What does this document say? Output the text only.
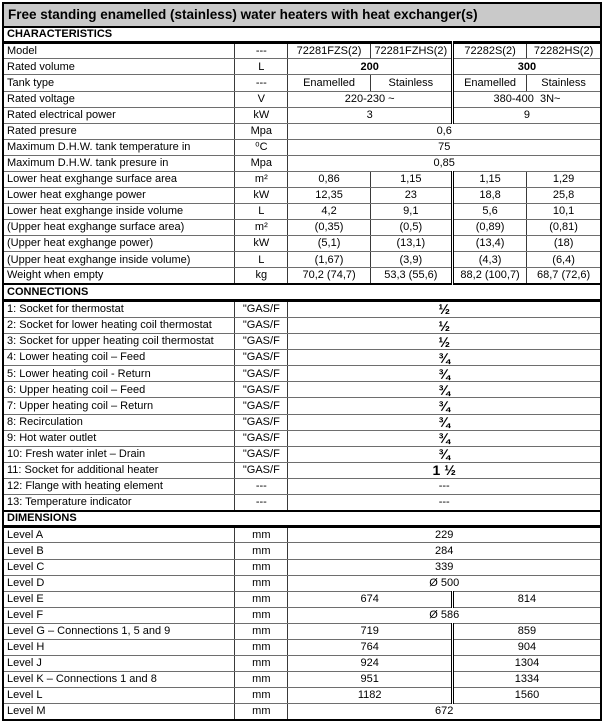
Free standing enamelled (stainless) water heaters with heat exchanger(s)					
CHARACTERISTICS					
Model	---	72281FZS(2)	72281FZHS(2)	72282S(2)	72282HS(2)
Rated volume	L	200		300	
Tank type	---	Enamelled	Stainless	Enamelled	Stainless
Rated voltage	V	220-230 ~		380-400  3N~	
Rated electrical power	kW	3		9	
Rated presure	Mpa	0,6			
Maximum D.H.W. tank temperature in	⁰C	75			
Maximum D.H.W. tank presure in	Mpa	0,85			
Lower heat exghange surface area	m²	0,86	1,15	1,15	1,29
Lower heat exghange power	kW	12,35	23	18,8	25,8
Lower heat exghange inside volume	L	4,2	9,1	5,6	10,1
(Upper heat exghange surface area)	m²	(0,35)	(0,5)	(0,89)	(0,81)
(Upper heat exghange power)	kW	(5,1)	(13,1)	(13,4)	(18)
(Upper heat exghange inside volume)	L	(1,67)	(3,9)	(4,3)	(6,4)
Weight when empty	kg	70,2 (74,7)	53,3 (55,6)	88,2 (100,7)	68,7 (72,6)
CONNECTIONS					
1: Socket for thermostat	"GAS/F	½			
2: Socket for lower heating coil thermostat	"GAS/F	½			
3: Socket for upper heating coil thermostat	"GAS/F	½			
4: Lower heating coil – Feed	"GAS/F	¾			
5: Lower heating coil - Return	"GAS/F	¾			
6: Upper heating coil – Feed	"GAS/F	¾			
7: Upper heating coil – Return	"GAS/F	¾			
8: Recirculation	"GAS/F	¾			
9: Hot water outlet	"GAS/F	¾			
10: Fresh water inlet – Drain	"GAS/F	¾			
11: Socket for additional heater	"GAS/F	1 ½			
12: Flange with heating element	---	---			
13: Temperature indicator	---	---			
DIMENSIONS					
Level A	mm	229			
Level B	mm	284			
Level C	mm	339			
Level D	mm	Ø 500			
Level E	mm	674		814	
Level F	mm	Ø 586			
Level G – Connections 1, 5 and 9	mm	719		859	
Level H	mm	764		904	
Level J	mm	924		1304	
Level K – Connections 1 and 8	mm	951		1334	
Level L	mm	1182		1560	
Level M	mm	672			
